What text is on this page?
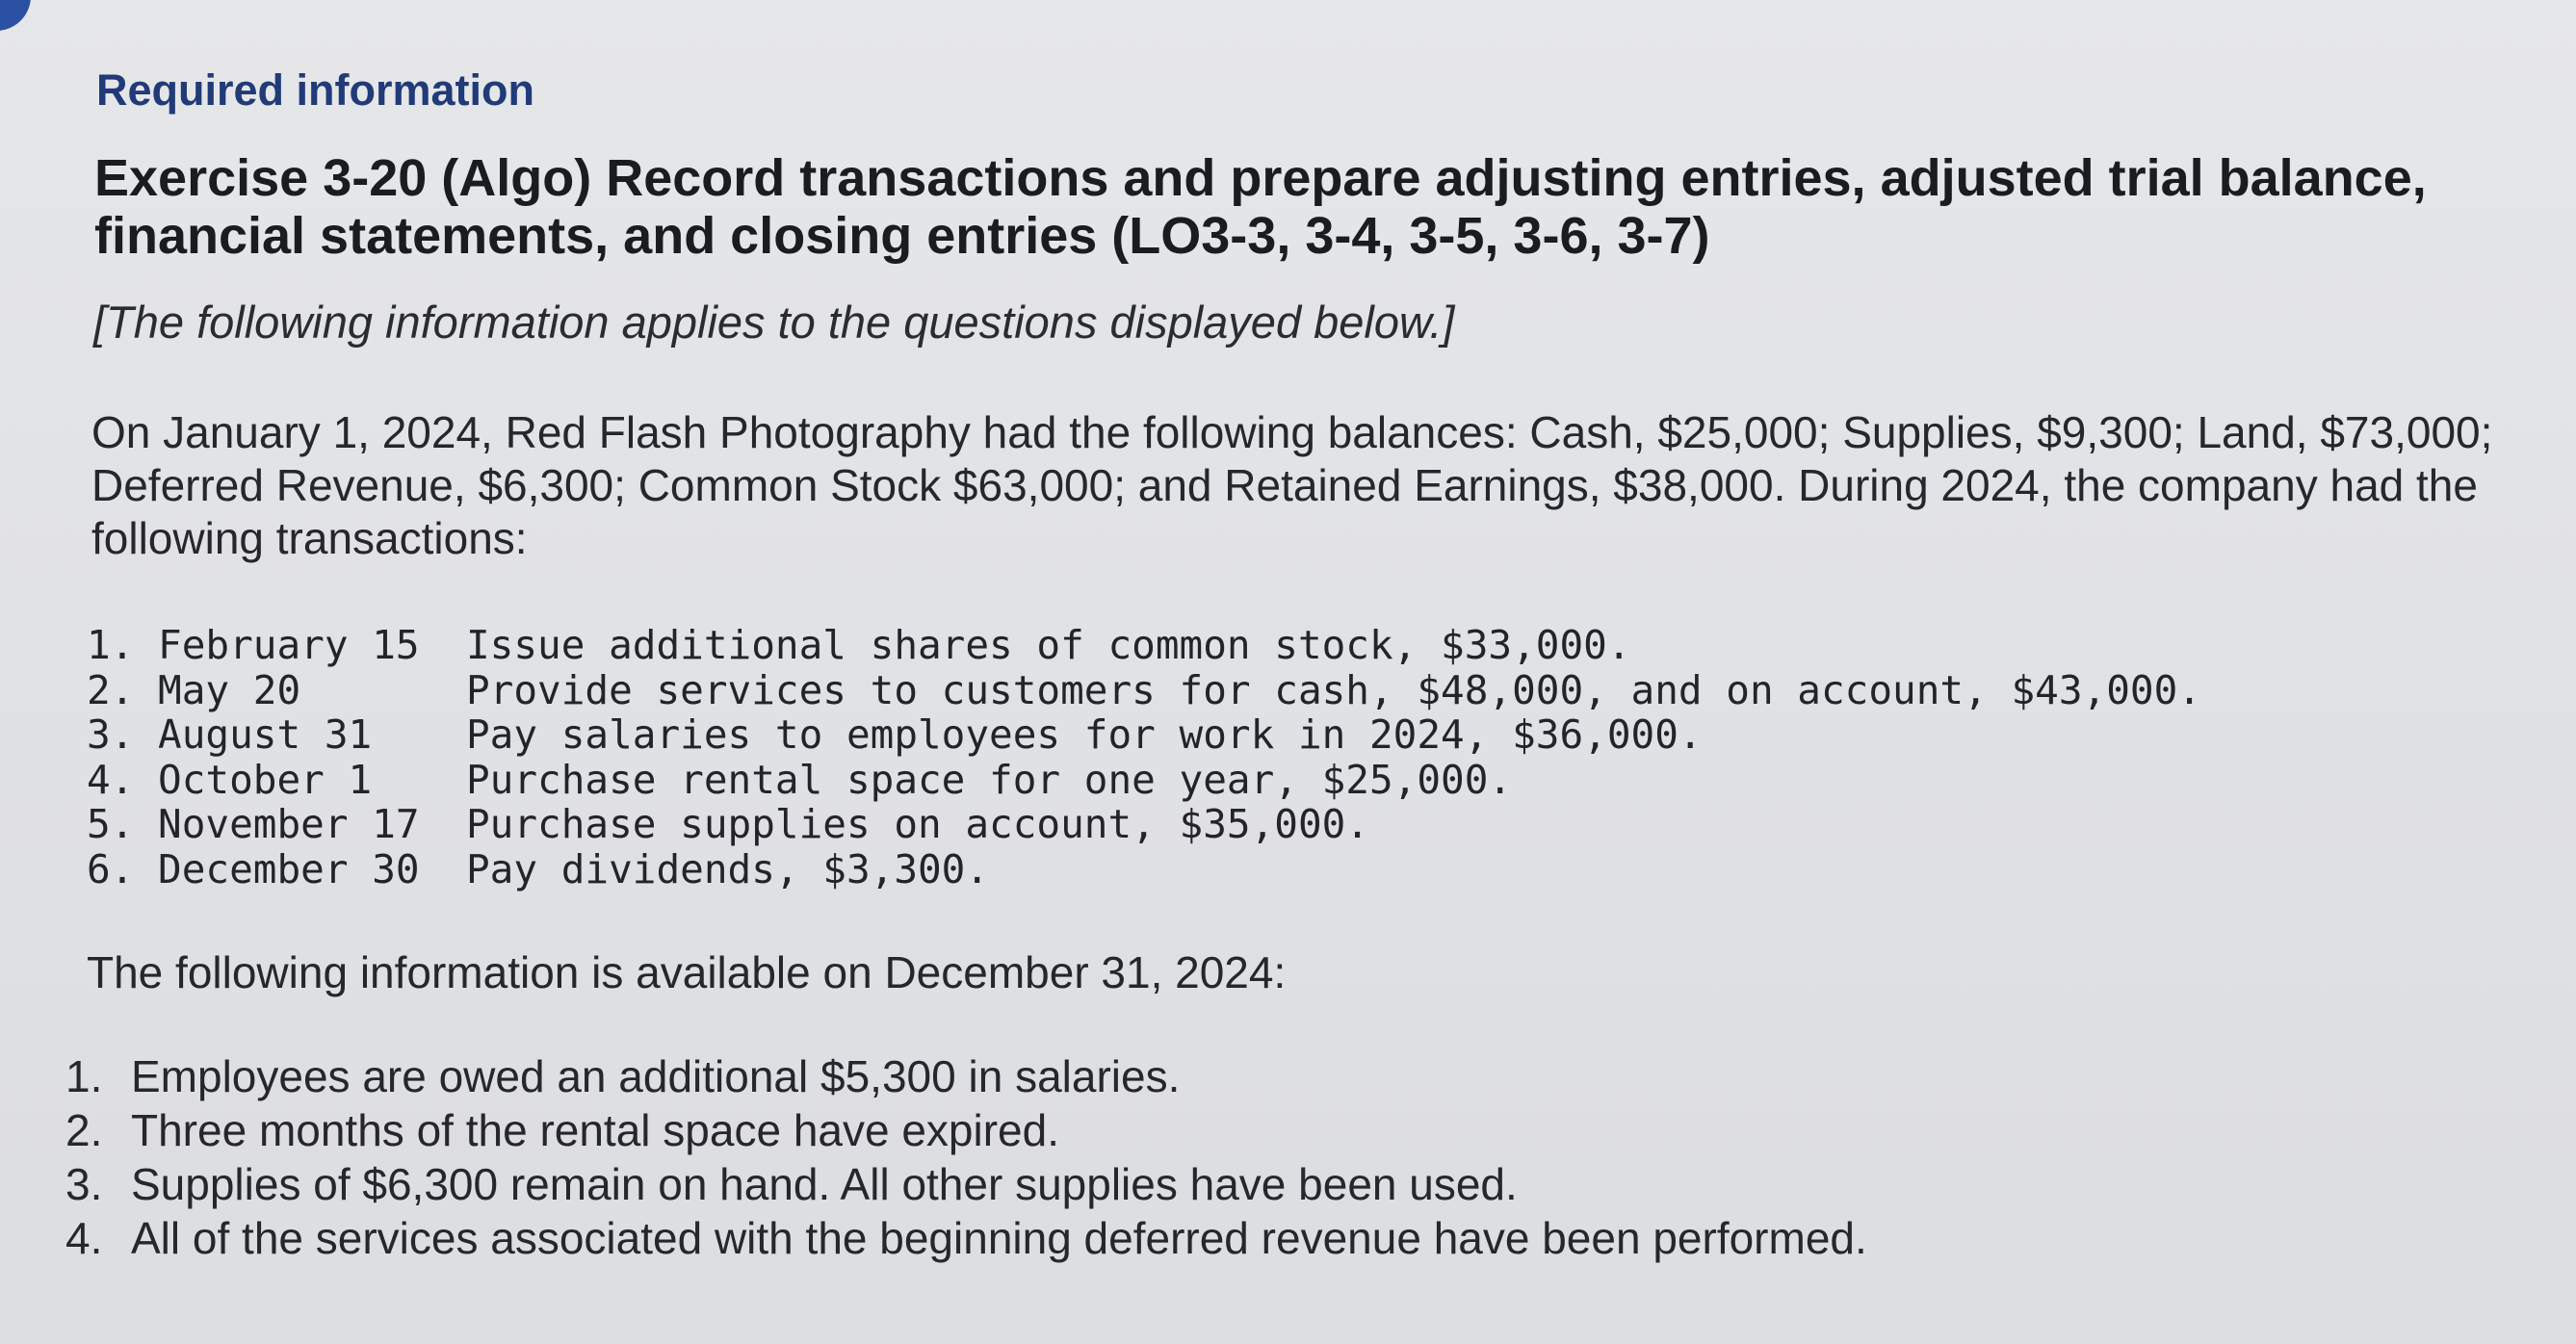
Required information
Exercise 3-20 (Algo) Record transactions and prepare adjusting entries, adjusted trial balance, financial statements, and closing entries (LO3-3, 3-4, 3-5, 3-6, 3-7)
[The following information applies to the questions displayed below.]
On January 1, 2024, Red Flash Photography had the following balances: Cash, $25,000; Supplies, $9,300; Land, $73,000; Deferred Revenue, $6,300; Common Stock $63,000; and Retained Earnings, $38,000. During 2024, the company had the following transactions:
1. February 15	Issue additional shares of common stock, $33,000.
2. May 20	Provide services to customers for cash, $48,000, and on account, $43,000.
3. August 31	Pay salaries to employees for work in 2024, $36,000.
4. October 1	Purchase rental space for one year, $25,000.
5. November 17	Purchase supplies on account, $35,000.
6. December 30	Pay dividends, $3,300.
The following information is available on December 31, 2024:
1. Employees are owed an additional $5,300 in salaries.
2. Three months of the rental space have expired.
3. Supplies of $6,300 remain on hand. All other supplies have been used.
4. All of the services associated with the beginning deferred revenue have been performed.
